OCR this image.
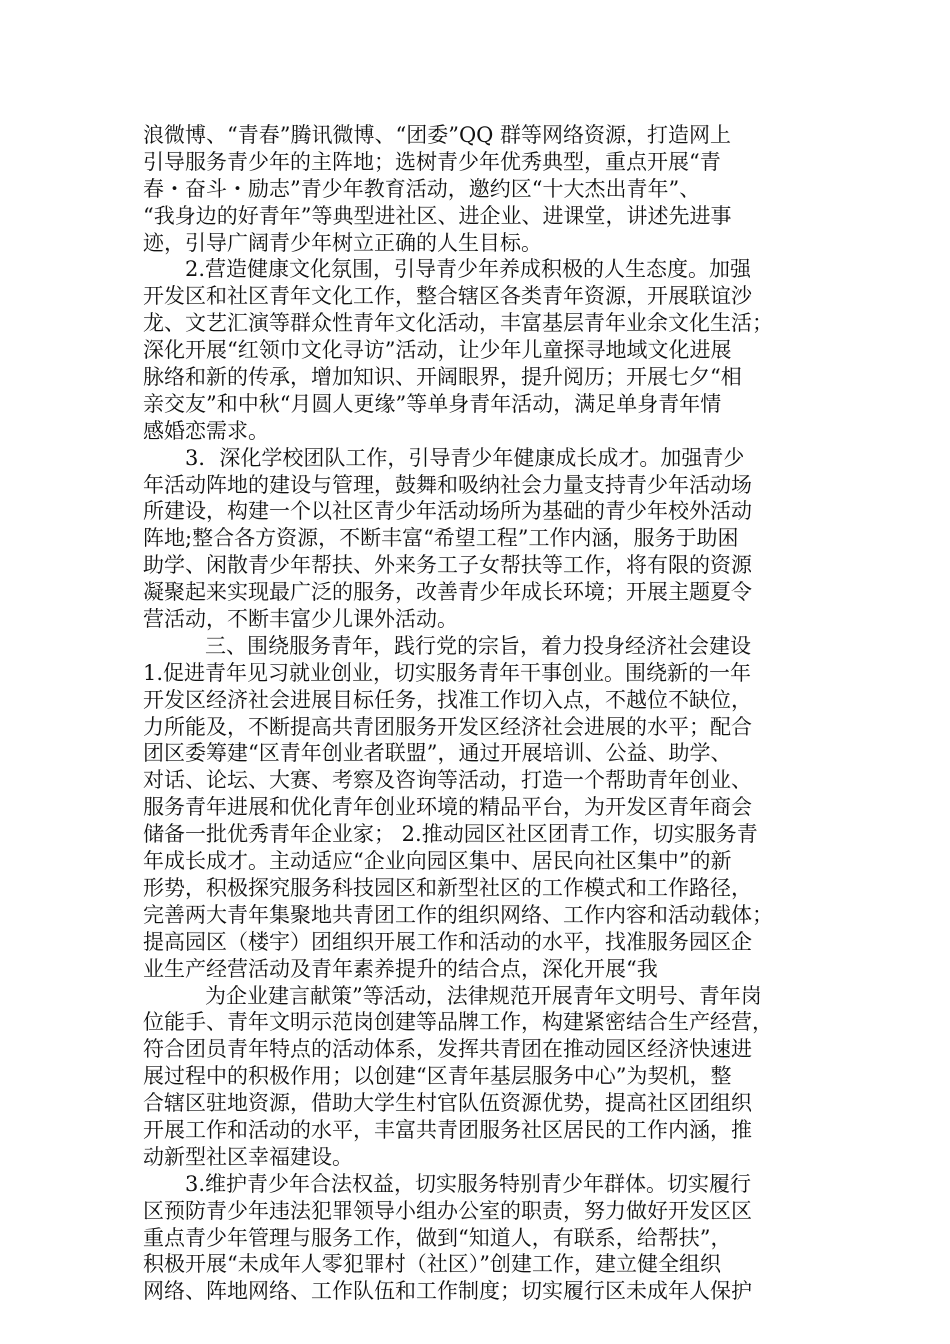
浪微博、“青春”腾讯微博、“团委”QQ 群等网络资源，打造网上
引导服务青少年的主阵地；选树青少年优秀典型，重点开展“青
春・奋斗・励志”青少年教育活动，邀约区“十大杰出青年”、
“我身边的好青年”等典型进社区、进企业、进课堂，讲述先进事
迹，引导广阔青少年树立正确的人生目标。
2.营造健康文化氛围，引导青少年养成积极的人生态度。加强
开发区和社区青年文化工作，整合辖区各类青年资源，开展联谊沙
龙、文艺汇演等群众性青年文化活动，丰富基层青年业余文化生活；
深化开展“红领巾文化寻访”活动，让少年儿童探寻地域文化进展
脉络和新的传承，增加知识、开阔眼界，提升阅历；开展七夕“相
亲交友”和中秋“月圆人更缘”等单身青年活动，满足单身青年情
感婚恋需求。
3．深化学校团队工作，引导青少年健康成长成才。加强青少
年活动阵地的建设与管理，鼓舞和吸纳社会力量支持青少年活动场
所建设，构建一个以社区青少年活动场所为基础的青少年校外活动
阵地;整合各方资源，不断丰富“希望工程”工作内涵，服务于助困
助学、闲散青少年帮扶、外来务工子女帮扶等工作，将有限的资源
凝聚起来实现最广泛的服务，改善青少年成长环境；开展主题夏令
营活动，不断丰富少儿课外活动。
三、围绕服务青年，践行党的宗旨，着力投身经济社会建设
1.促进青年见习就业创业，切实服务青年干事创业。围绕新的一年
开发区经济社会进展目标任务，找准工作切入点，不越位不缺位，
力所能及，不断提高共青团服务开发区经济社会进展的水平；配合
团区委筹建“区青年创业者联盟”，通过开展培训、公益、助学、
对话、论坛、大赛、考察及咨询等活动，打造一个帮助青年创业、
服务青年进展和优化青年创业环境的精品平台，为开发区青年商会
储备一批优秀青年企业家； 2.推动园区社区团青工作，切实服务青
年成长成才。主动适应“企业向园区集中、居民向社区集中”的新
形势，积极探究服务科技园区和新型社区的工作模式和工作路径，
完善两大青年集聚地共青团工作的组织网络、工作内容和活动载体；
提高园区（楼宇）团组织开展工作和活动的水平，找准服务园区企
业生产经营活动及青年素养提升的结合点，深化开展“我
为企业建言献策”等活动，法律规范开展青年文明号、青年岗
位能手、青年文明示范岗创建等品牌工作，构建紧密结合生产经营，
符合团员青年特点的活动体系，发挥共青团在推动园区经济快速进
展过程中的积极作用；以创建“区青年基层服务中心”为契机，整
合辖区驻地资源，借助大学生村官队伍资源优势，提高社区团组织
开展工作和活动的水平，丰富共青团服务社区居民的工作内涵，推
动新型社区幸福建设。
3.维护青少年合法权益，切实服务特别青少年群体。切实履行
区预防青少年违法犯罪领导小组办公室的职责，努力做好开发区区
重点青少年管理与服务工作，做到“知道人，有联系，给帮扶”，
积极开展“未成年人零犯罪村（社区）”创建工作，建立健全组织
网络、阵地网络、工作队伍和工作制度；切实履行区未成年人保护
